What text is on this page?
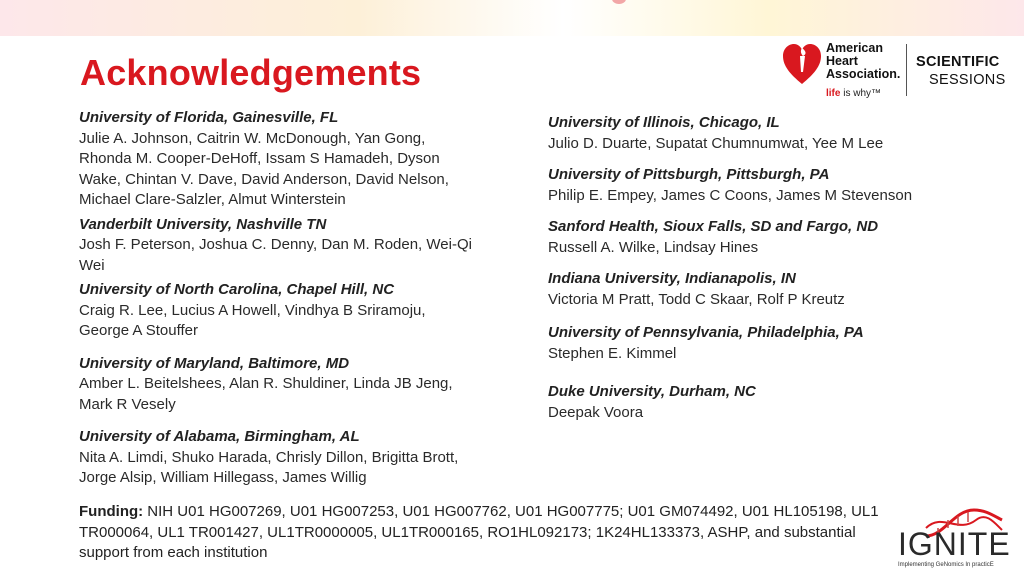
Acknowledgements
American
Heart
Association.
life is why™
SCIENTIFIC
SESSIONS
University of Florida, Gainesville, FL
Julie A. Johnson, Caitrin W. McDonough, Yan Gong, Rhonda M. Cooper-DeHoff, Issam S Hamadeh, Dyson Wake, Chintan V. Dave, David Anderson, David Nelson, Michael Clare-Salzler, Almut Winterstein
Vanderbilt University, Nashville TN
Josh F. Peterson, Joshua C. Denny, Dan M. Roden, Wei-Qi Wei
University of North Carolina, Chapel Hill, NC
Craig R. Lee, Lucius A Howell, Vindhya B Sriramoju, George A Stouffer
University of Maryland, Baltimore, MD
Amber L. Beitelshees, Alan R. Shuldiner, Linda JB Jeng, Mark R Vesely
University of Alabama, Birmingham, AL
Nita A. Limdi, Shuko Harada, Chrisly Dillon, Brigitta Brott, Jorge Alsip, William Hillegass, James Willig
University of Illinois, Chicago, IL
Julio D. Duarte, Supatat Chumnumwat, Yee M Lee
University of Pittsburgh, Pittsburgh, PA
Philip E. Empey, James C Coons, James M Stevenson
Sanford Health, Sioux Falls, SD and Fargo, ND
Russell A. Wilke, Lindsay Hines
Indiana University, Indianapolis, IN
Victoria M Pratt, Todd C Skaar, Rolf P Kreutz
University of Pennsylvania, Philadelphia, PA
Stephen E. Kimmel
Duke University, Durham, NC
Deepak Voora
Funding: NIH U01 HG007269, U01 HG007253, U01 HG007762, U01 HG007775; U01 GM074492, U01 HL105198, UL1 TR000064, UL1 TR001427, UL1TR0000005, UL1TR000165, RO1HL092173; 1K24HL133373, ASHP, and substantial support from each institution	IGNITE
Implementing GeNomics In practicE
